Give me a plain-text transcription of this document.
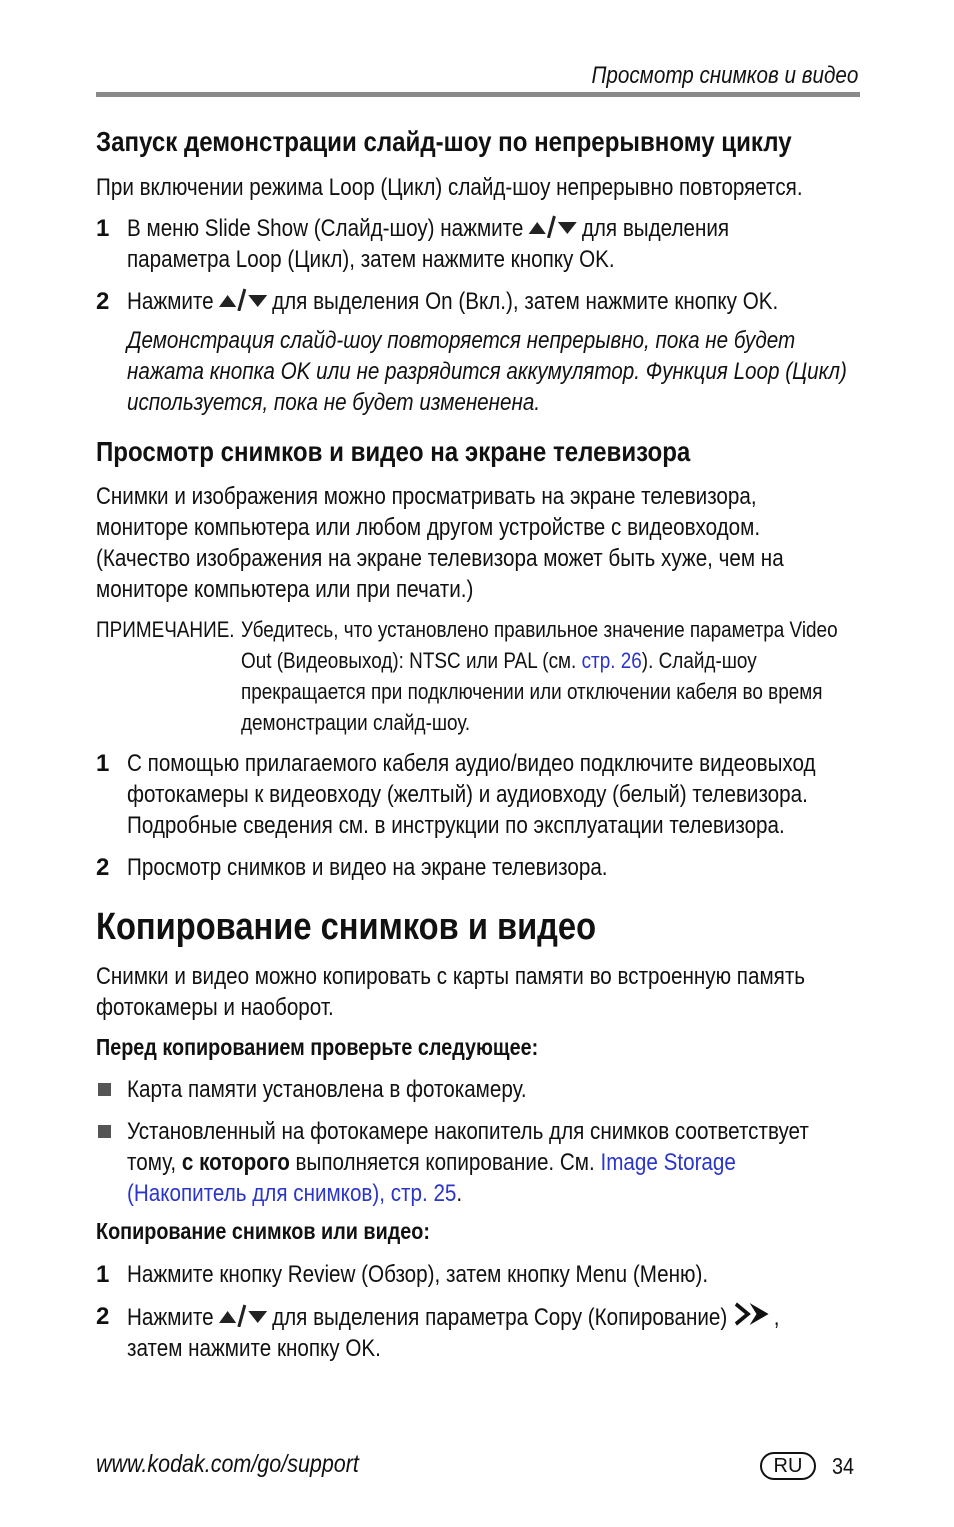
Просмотр снимков и видео
Запуск демонстрации слайд-шоу по непрерывному циклу
При включении режима Loop (Цикл) слайд-шоу непрерывно повторяется.
1 В меню Slide Show (Слайд-шоу) нажмите для выделения
параметра Loop (Цикл), затем нажмите кнопку OK.
2 Нажмите для выделения On (Вкл.), затем нажмите кнопку OK.
Демонстрация слайд-шоу повторяется непрерывно, пока не будет
нажата кнопка OK или не разрядится аккумулятор. Функция Loop (Цикл)
используется, пока не будет измененена.
Просмотр снимков и видео на экране телевизора
Снимки и изображения можно просматривать на экране телевизора,
мониторе компьютера или любом другом устройстве с видеовходом.
(Качество изображения на экране телевизора может быть хуже, чем на
мониторе компьютера или при печати.)
ПРИМЕЧАНИЕ. Убедитесь, что установлено правильное значение параметра Video
Out (Видеовыход): NTSC или PAL (см. стр. 26). Слайд-шоу
прекращается при подключении или отключении кабеля во время
демонстрации слайд-шоу.
1 С помощью прилагаемого кабеля аудио/видео подключите видеовыход
фотокамеры к видеовходу (желтый) и аудиовходу (белый) телевизора.
Подробные сведения см. в инструкции по эксплуатации телевизора.
2 Просмотр снимков и видео на экране телевизора.
Копирование снимков и видео
Снимки и видео можно копировать с карты памяти во встроенную память
фотокамеры и наоборот.
Перед копированием проверьте следующее:
Карта памяти установлена в фотокамеру.
Установленный на фотокамере накопитель для снимков соответствует
тому, с которого выполняется копирование. См. Image Storage
(Накопитель для снимков), стр. 25.
Копирование снимков или видео:
1 Нажмите кнопку Review (Обзор), затем кнопку Menu (Меню).
2 Нажмите для выделения параметра Copy (Копирование) ,
затем нажмите кнопку OK.
www.kodak.com/go/support	RU	34
